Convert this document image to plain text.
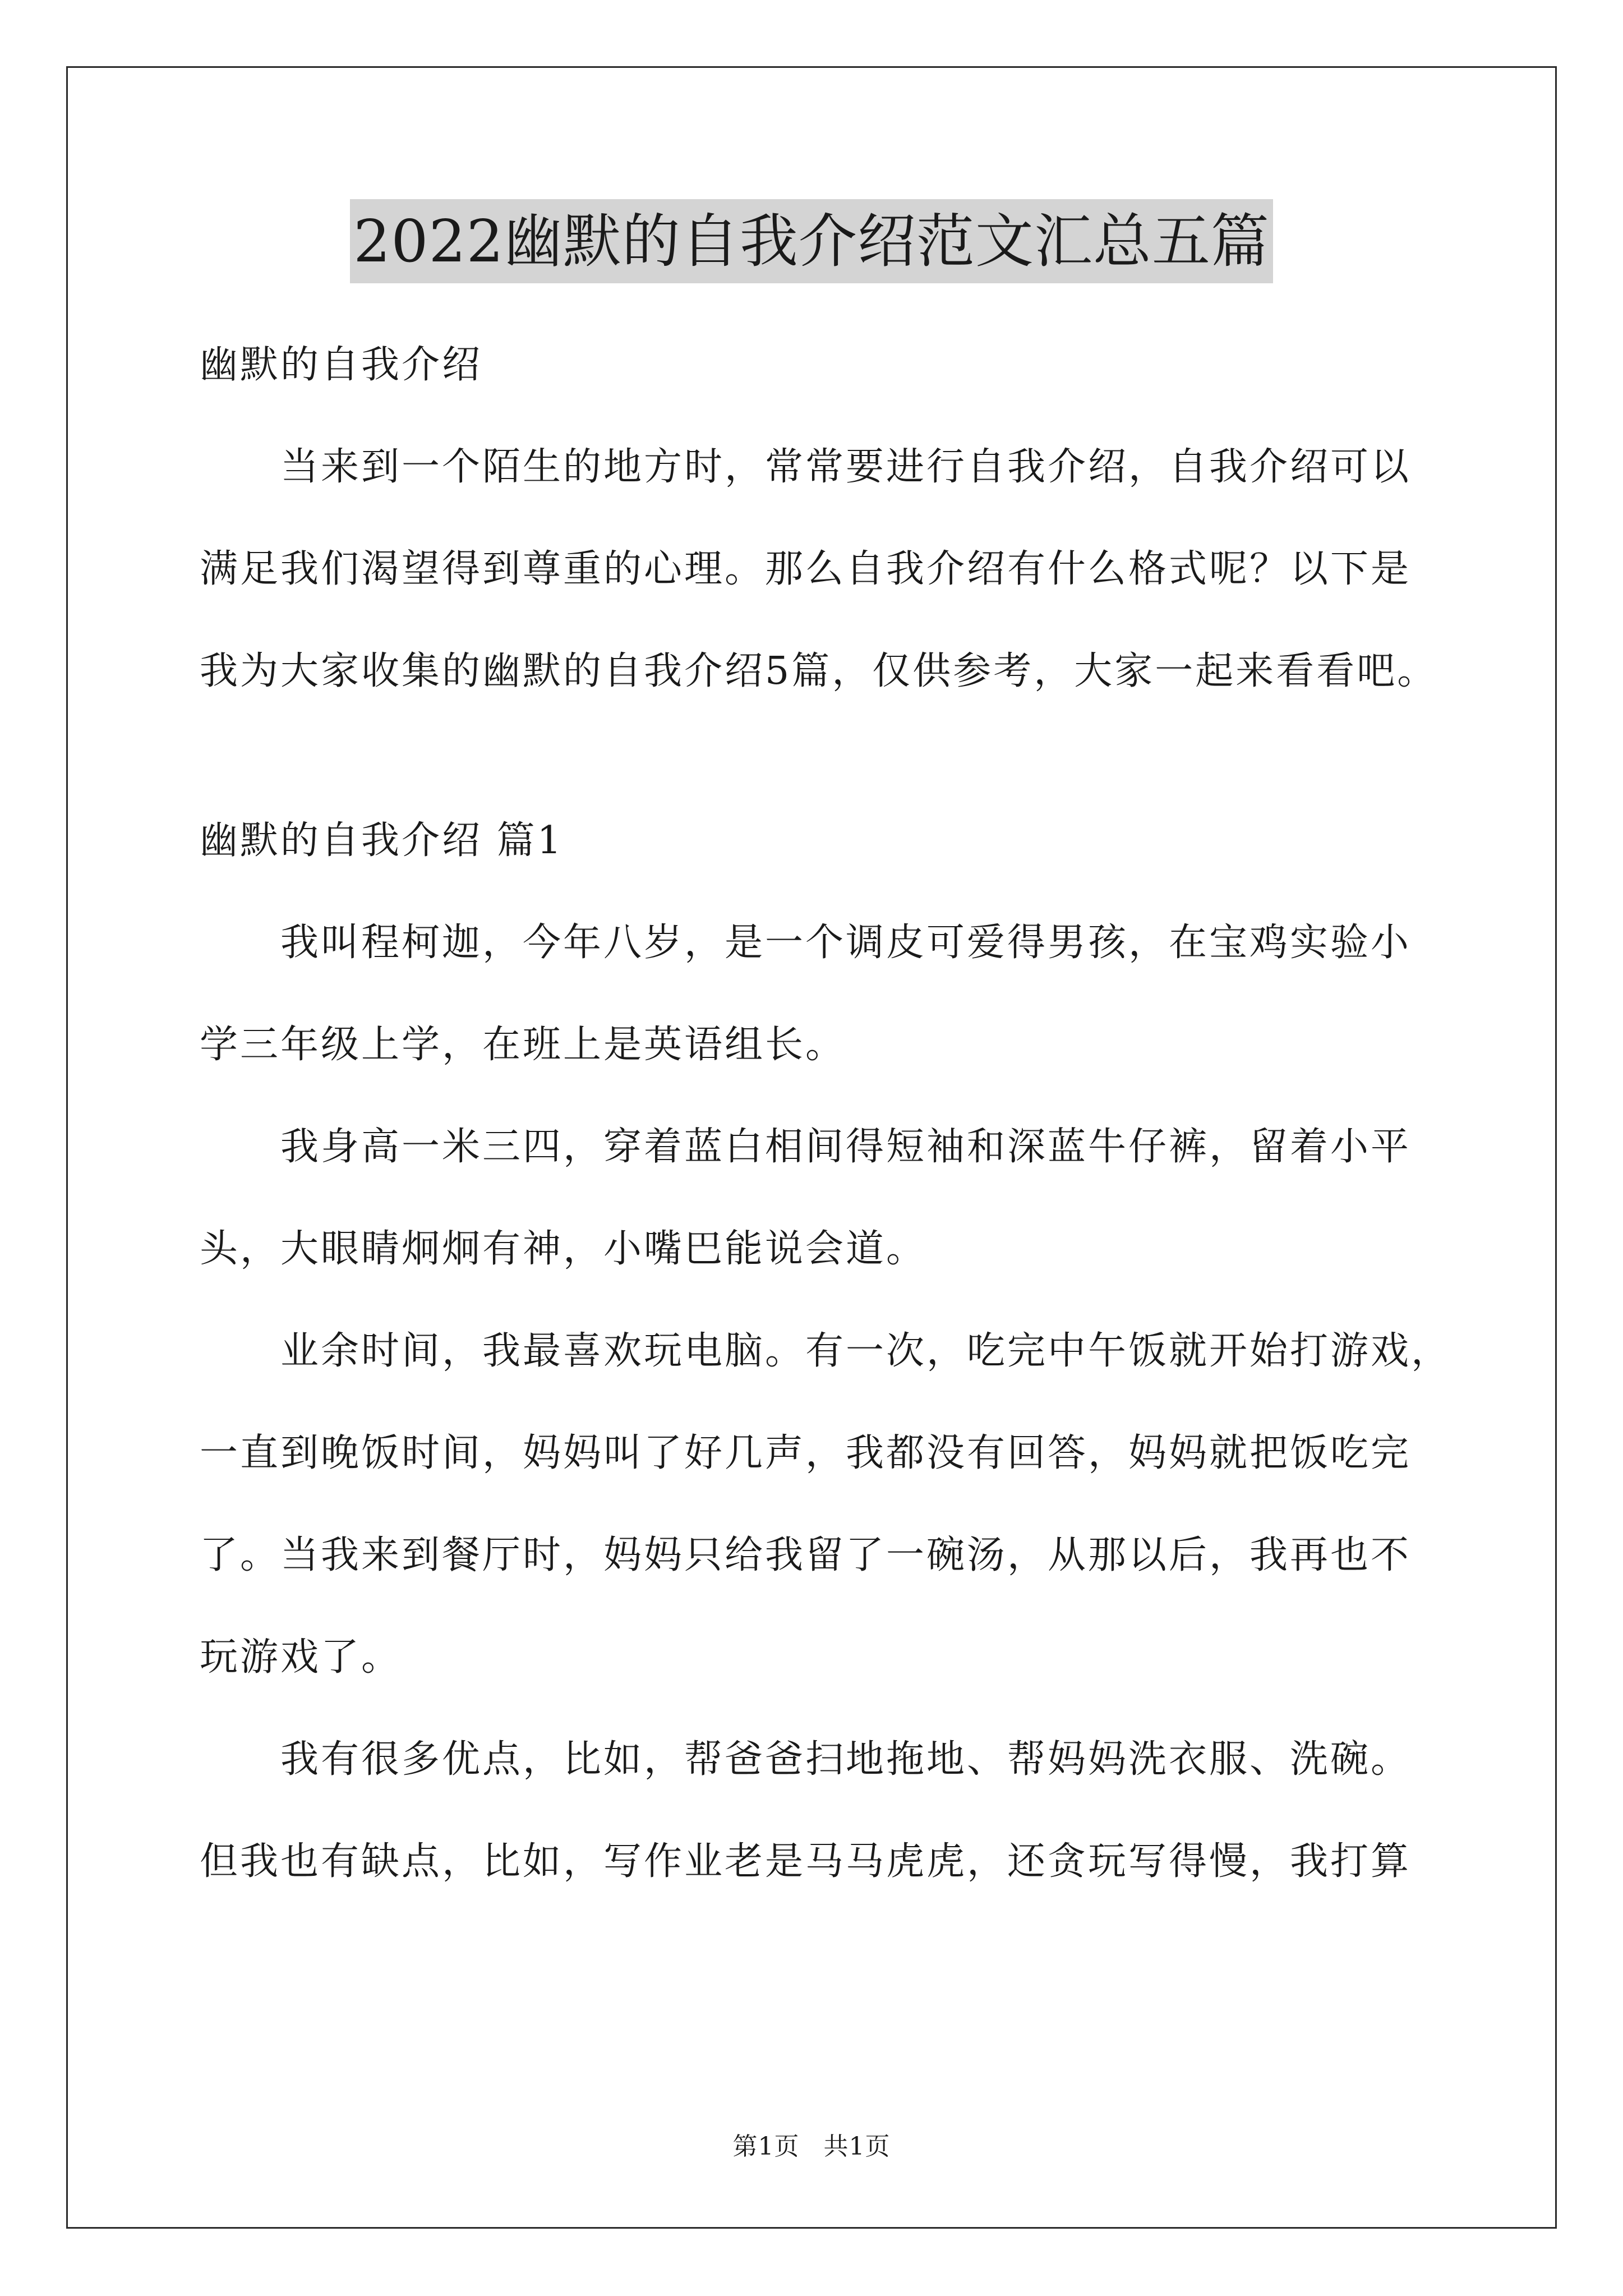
2022幽默的自我介绍范文汇总五篇
幽默的自我介绍
当来到一个陌生的地方时，常常要进行自我介绍，自我介绍可以
满足我们渴望得到尊重的心理。那么自我介绍有什么格式呢？以下是
我为大家收集的幽默的自我介绍5篇，仅供参考，大家一起来看看吧。
幽默的自我介绍 篇1
我叫程柯迦，今年八岁，是一个调皮可爱得男孩，在宝鸡实验小
学三年级上学，在班上是英语组长。
我身高一米三四，穿着蓝白相间得短袖和深蓝牛仔裤，留着小平
头，大眼睛炯炯有神，小嘴巴能说会道。
业余时间，我最喜欢玩电脑。有一次，吃完中午饭就开始打游戏，
一直到晚饭时间，妈妈叫了好几声，我都没有回答，妈妈就把饭吃完
了。当我来到餐厅时，妈妈只给我留了一碗汤，从那以后，我再也不
玩游戏了。
我有很多优点，比如，帮爸爸扫地拖地、帮妈妈洗衣服、洗碗。
但我也有缺点，比如，写作业老是马马虎虎，还贪玩写得慢，我打算
第1页 共1页
